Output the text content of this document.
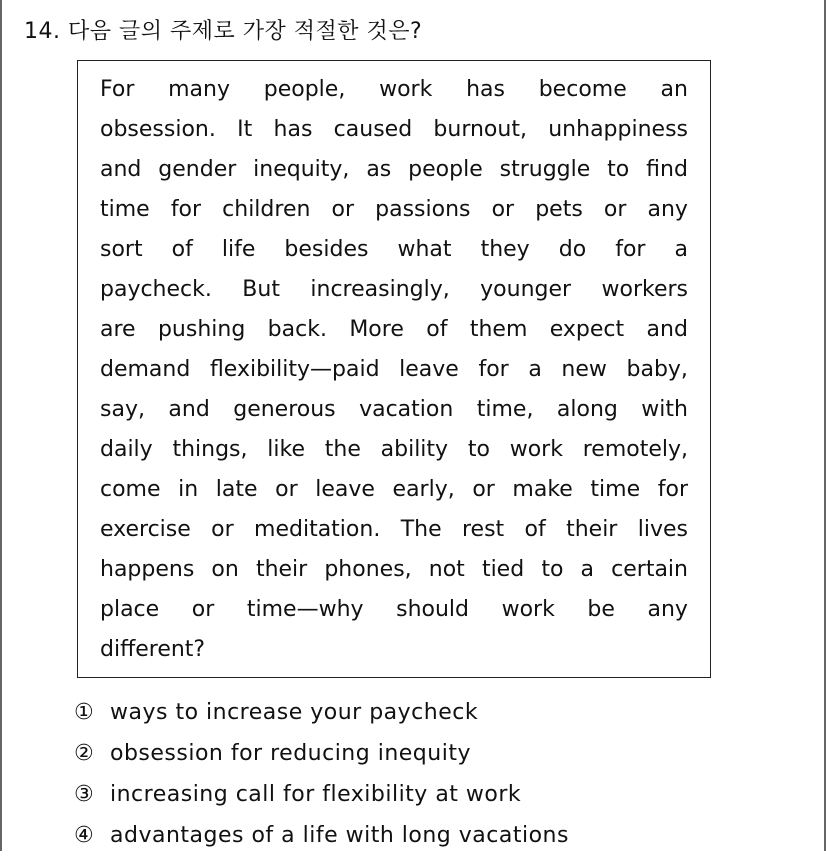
14. 다음 글의 주제로 가장 적절한 것은?
For many people, work has become an
obsession. It has caused burnout, unhappiness
and gender inequity, as people struggle to find
time for children or passions or pets or any
sort of life besides what they do for a
paycheck. But increasingly, younger workers
are pushing back. More of them expect and
demand flexibility—paid leave for a new baby,
say, and generous vacation time, along with
daily things, like the ability to work remotely,
come in late or leave early, or make time for
exercise or meditation. The rest of their lives
happens on their phones, not tied to a certain
place or time—why should work be any
different?
① ways to increase your paycheck
② obsession for reducing inequity
③ increasing call for flexibility at work
④ advantages of a life with long vacations
